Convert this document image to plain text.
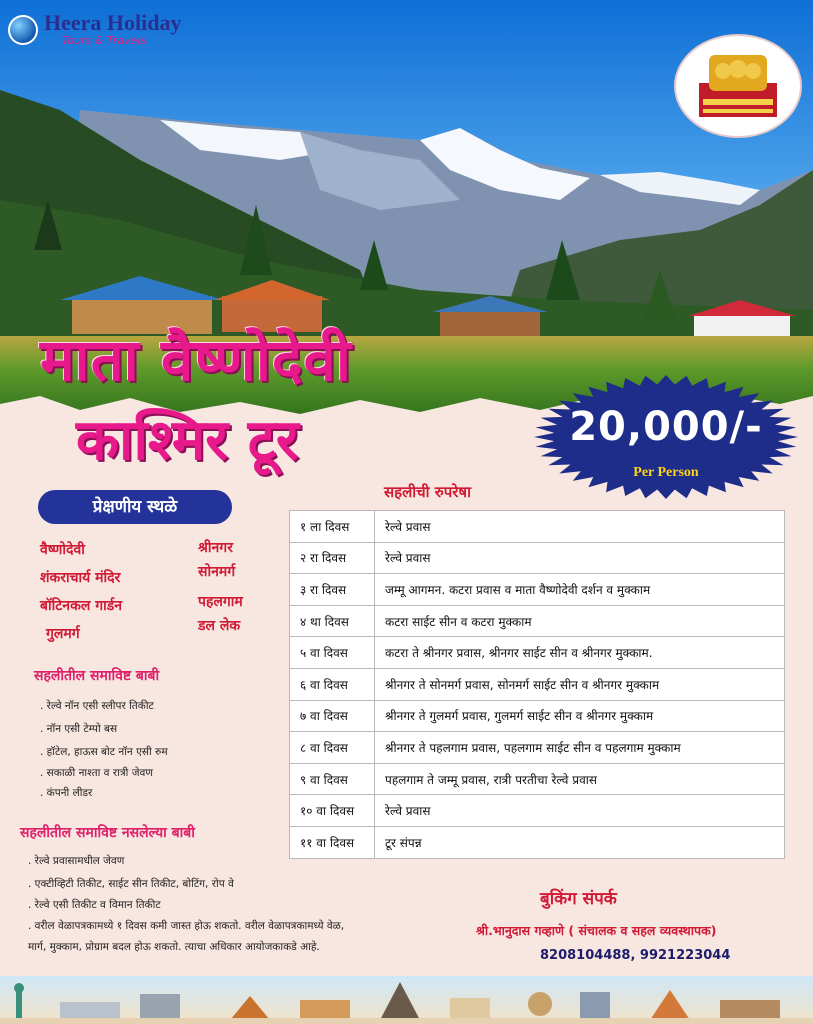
Heera Holiday
Tours & Travels
माता वैष्णोदेवी
काश्मिर टूर	20,000/-
Per Person
प्रेक्षणीय स्थळे
वैष्णोदेवी
शंकराचार्य मंदिर
बॉटिनकल गार्डन
गुलमर्ग
श्रीनगर
सोनमर्ग
पहलगाम
डल लेक
सहलीतील समाविष्ट बाबी
. रेल्वे नॉन एसी स्लीपर तिकीट
. नॉन एसी टेम्पो बस
. हॉटेल, हाऊस बोट नॉन एसी रुम
. सकाळी नाश्ता व रात्री जेवण
. कंपनी लीडर
सहलीतील समाविष्ट नसलेल्या बाबी
. रेल्वे प्रवासामधील जेवण
. एक्टीव्हिटी तिकीट, साईट सीन तिकीट, बोटिंग, रोप वे
. रेल्वे एसी तिकीट व विमान तिकीट
. वरील वेळापत्रकामध्ये १ दिवस कमी जास्त होऊ शकतो. वरील वेळापत्रकामध्ये वेळ,
मार्ग, मुक्काम, प्रोग्राम बदल होऊ शकतो. त्याचा अधिकार आयोजकाकडे आहे.
सहलीची रुपरेषा
१ ला दिवस	रेल्वे प्रवास
२ रा दिवस	रेल्वे प्रवास
३ रा दिवस	जम्मू आगमन. कटरा प्रवास व माता वैष्णोदेवी दर्शन व मुक्काम
४ था दिवस	कटरा साईट सीन व कटरा मुक्काम
५ वा दिवस	कटरा ते श्रीनगर प्रवास, श्रीनगर साईट सीन व श्रीनगर मुक्काम.
६ वा दिवस	श्रीनगर ते सोनमर्ग प्रवास, सोनमर्ग साईट सीन व श्रीनगर मुक्काम
७ वा दिवस	श्रीनगर ते गुलमर्ग प्रवास, गुलमर्ग साईट सीन व श्रीनगर मुक्काम
८ वा दिवस	श्रीनगर ते पहलगाम प्रवास, पहलगाम साईट सीन व पहलगाम मुक्काम
९ वा दिवस	पहलगाम ते जम्मू प्रवास, रात्री परतीचा रेल्वे प्रवास
१० वा दिवस	रेल्वे प्रवास
११ वा दिवस	टूर संपन्न
बुकिंग संपर्क
श्री.भानुदास गव्हाणे ( संचालक व सहल व्यवस्थापक)
8208104488, 9921223044
